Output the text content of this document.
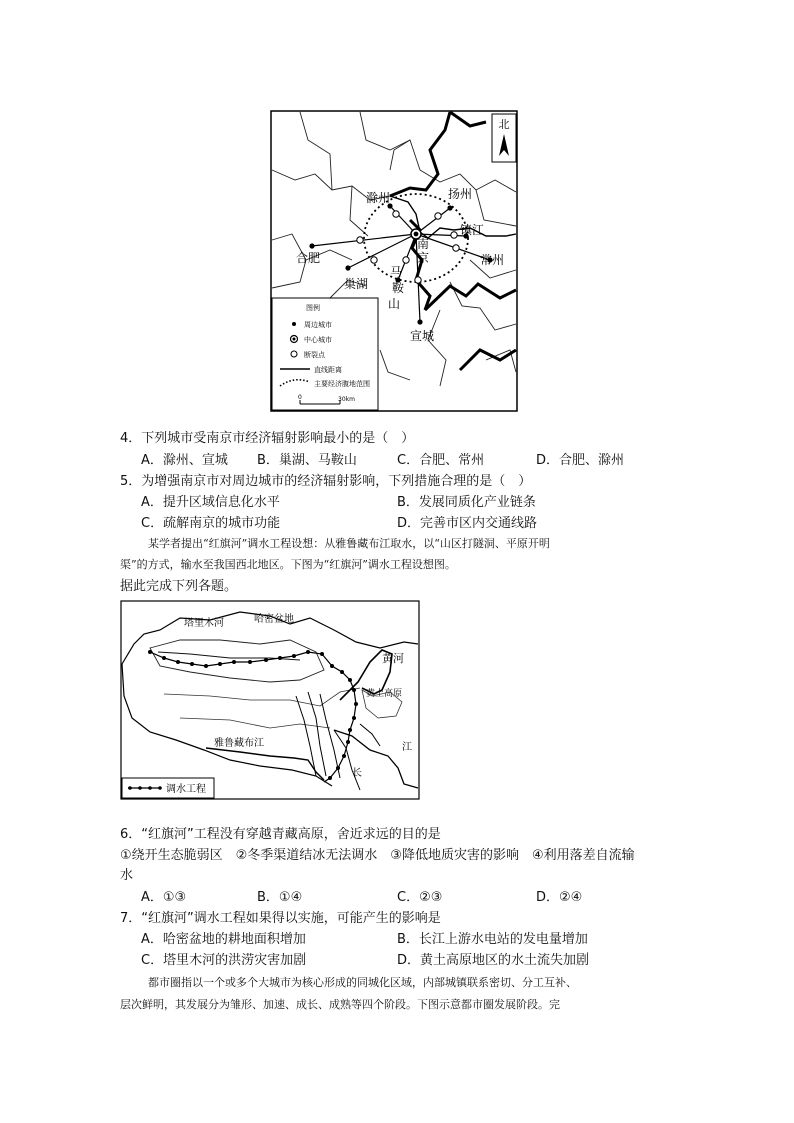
北
滁州	扬州
镇江
南
京	常州
合肥
巢湖
马
鞍
山
宣城
图例
周边城市
中心城市
断裂点
直线距离
主要经济腹地范围
0	30km
4．下列城市受南京市经济辐射影响最小的是（　）
A．滁州、宣城 B．巢湖、马鞍山	C．合肥、常州	D．合肥、滁州
5．为增强南京市对周边城市的经济辐射影响，下列措施合理的是（　）
A．提升区域信息化水平	B．发展同质化产业链条
C．疏解南京的城市功能	D．完善市区内交通线路
某学者提出“红旗河”调水工程设想：从雅鲁藏布江取水，以“山区打隧洞、平原开明
渠”的方式，输水至我国西北地区。下图为“红旗河”调水工程设想图。
据此完成下列各题。
塔里木河	哈密盆地
黄河
黄土高原
雅鲁藏布江	江
长
调水工程
6．“红旗河”工程没有穿越青藏高原，舍近求远的目的是
①绕开生态脆弱区　②冬季渠道结冰无法调水　③降低地质灾害的影响　④利用落差自流输
水
A．①③	B．①④	C．②③	D．②④
7．“红旗河”调水工程如果得以实施，可能产生的影响是
A．哈密盆地的耕地面积增加	B．长江上游水电站的发电量增加
C．塔里木河的洪涝灾害加剧	D．黄土高原地区的水土流失加剧
都市圈指以一个或多个大城市为核心形成的同城化区域，内部城镇联系密切、分工互补、
层次鲜明，其发展分为雏形、加速、成长、成熟等四个阶段。下图示意都市圈发展阶段。完
